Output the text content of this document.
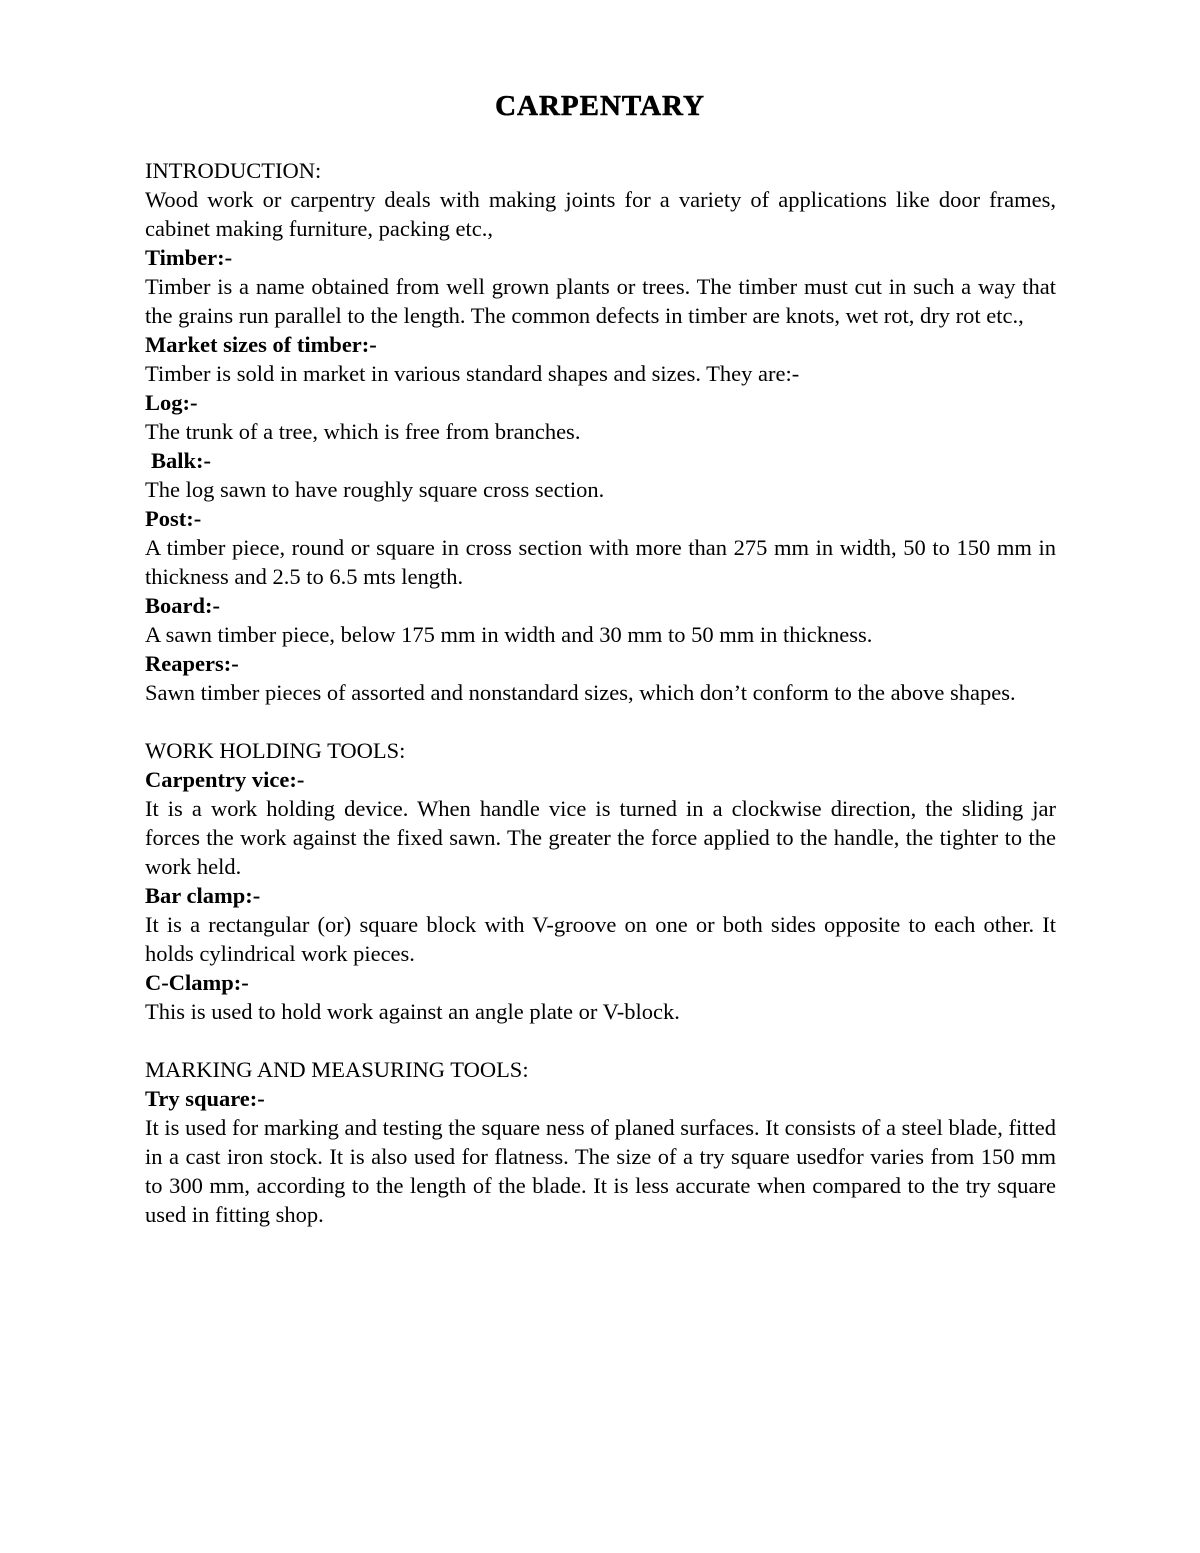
CARPENTARY

INTRODUCTION:

Wood work or carpentry deals with making joints for a variety of applications like door frames, cabinet making furniture, packing etc.,

Timber:-

Timber is a name obtained from well grown plants or trees. The timber must cut in such a way that the grains run parallel to the length. The common defects in timber are knots, wet rot, dry rot etc.,

Market sizes of timber:-

Timber is sold in market in various standard shapes and sizes. They are:-

Log:-

The trunk of a tree, which is free from branches.

Balk:-

The log sawn to have roughly square cross section.

Post:-

A timber piece, round or square in cross section with more than 275 mm in width, 50 to 150 mm in thickness and 2.5 to 6.5 mts length.

Board:-

A sawn timber piece, below 175 mm in width and 30 mm to 50 mm in thickness.

Reapers:-

Sawn timber pieces of assorted and nonstandard sizes, which don’t conform to the above shapes.

WORK HOLDING TOOLS:

Carpentry vice:-

It is a work holding device. When handle vice is turned in a clockwise direction, the sliding jar forces the work against the fixed sawn. The greater the force applied to the handle, the tighter to the work held.

Bar clamp:-

It is a rectangular (or) square block with V-groove on one or both sides opposite to each other. It holds cylindrical work pieces.

C-Clamp:-

This is used to hold work against an angle plate or V-block.

MARKING AND MEASURING TOOLS:

Try square:-

It is used for marking and testing the square ness of planed surfaces. It consists of a steel blade, fitted in a cast iron stock. It is also used for flatness. The size of a try square usedfor varies from 150 mm to 300 mm, according to the length of the blade. It is less accurate when compared to the try square used in fitting shop.
